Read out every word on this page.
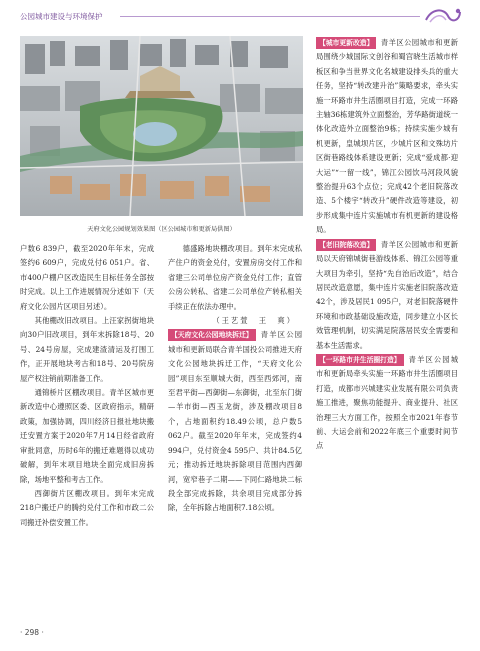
公园城市建设与环境保护
天府文化公园规划效果图（区公园城市和更新局供图）

户数6 839户，截至2020年年末，完成签约6 609户，完成兑付6 051户。省、市400户棚户区改造民生目标任务全部按时完成。以上工作进展情况分述如下（天府文化公园片区项目另述）。

其他棚改旧改项目。上汪家拐街地块向30户旧改项目，到年末拆除18号、20号、24号房屋，完成建渣清运及打围工作，正开展地块考古和18号、20号院房屋产权注销前期准备工作。

通锦桥片区棚改项目。青羊区城市更新改造中心遵照区委、区政府指示，精研政策，加强协调，四川经济日报社地块搬迁安置方案于2020年7月14日经省政府审批同意，历时6年的搬迁难题得以成功破解，到年末项目地块全面完成旧房拆除，场地平整和考古工作。

西御街片区棚改项目。到年末完成218户搬迁户的腾约兑付工作和市政二公司搬迁补偿安置工作。

德盛路地块棚改项目。到年末完成私产住户的资金兑付，安置房房交付工作和省建三公司单位房产资金兑付工作；直管公房公转私、省建二公司单位产转私相关手续正在依法办理中。

（王艺萱　王　爽）

【天府文化公园地块拆迁】 青羊区公园城市和更新局联合青羊国投公司推进天府文化公园地块拆迁工作，“天府文化公园”项目东至顺城大街，西至西郊河，南至君平街—西御街—东御街，北至东门街—羊市街—西玉龙街，涉及棚改项目8个，占地面积约18.49公顷，总户数5 062户。截至2020年年末，完成签约4 994户，兑付资金4 595户、共计84.5亿元；推动拆迁地块拆除项目范围内西御河，宽窄巷子二期——下同仁路地块二标段全部完成拆除，共余项目完成部分拆除，全年拆除占地面积7.18公顷。

【城市更新改造】 青羊区公园城市和更新局围绕少城国际文创谷和蜀宫晓生活城市样板区和争当世界文化名城建设排头兵的重大任务，坚持“转改建升治”策略要求，牵头实施一环路市井生活圈项目打造，完成一环路主轴36栋建筑外立面整治，芳华路街道统一体化改造外立面整治9栋；持续实施少城有机更新，皇城坝片区，少城片区和文殊坊片区街巷路线体系建设更新；完成“爱成都·迎大运”“一留一线”，锦江公园饮马河段风貌整治提升63个点位；完成42个老旧院落改造、5个楼宇“转改升”硬件改造等建设，初步形成集中连片实施城市有机更新的建设格局。

【老旧院落改造】 青羊区公园城市和更新局以天府锦城街巷游线体系、锦江公园等重大项目为牵引，坚持“先自治后改造”，结合居民改造意愿，集中连片实施老旧院落改造42个，涉及居民1 095户，对老旧院落硬件环境和市政基础设施改造，同步建立小区长效管理机制，切实满足院落居民安全需要和基本生活需求。

【一环路市井生活圈打造】 青羊区公园城市和更新局牵头实施一环路市井生活圈项目打造，成都市兴城建实业发展有限公司负责施工推进，聚焦功能提升、商业提升、社区治理三大方面工作，按照全市2021年春节前、大运会前和2022年底三个重要时间节点

· 298 ·
